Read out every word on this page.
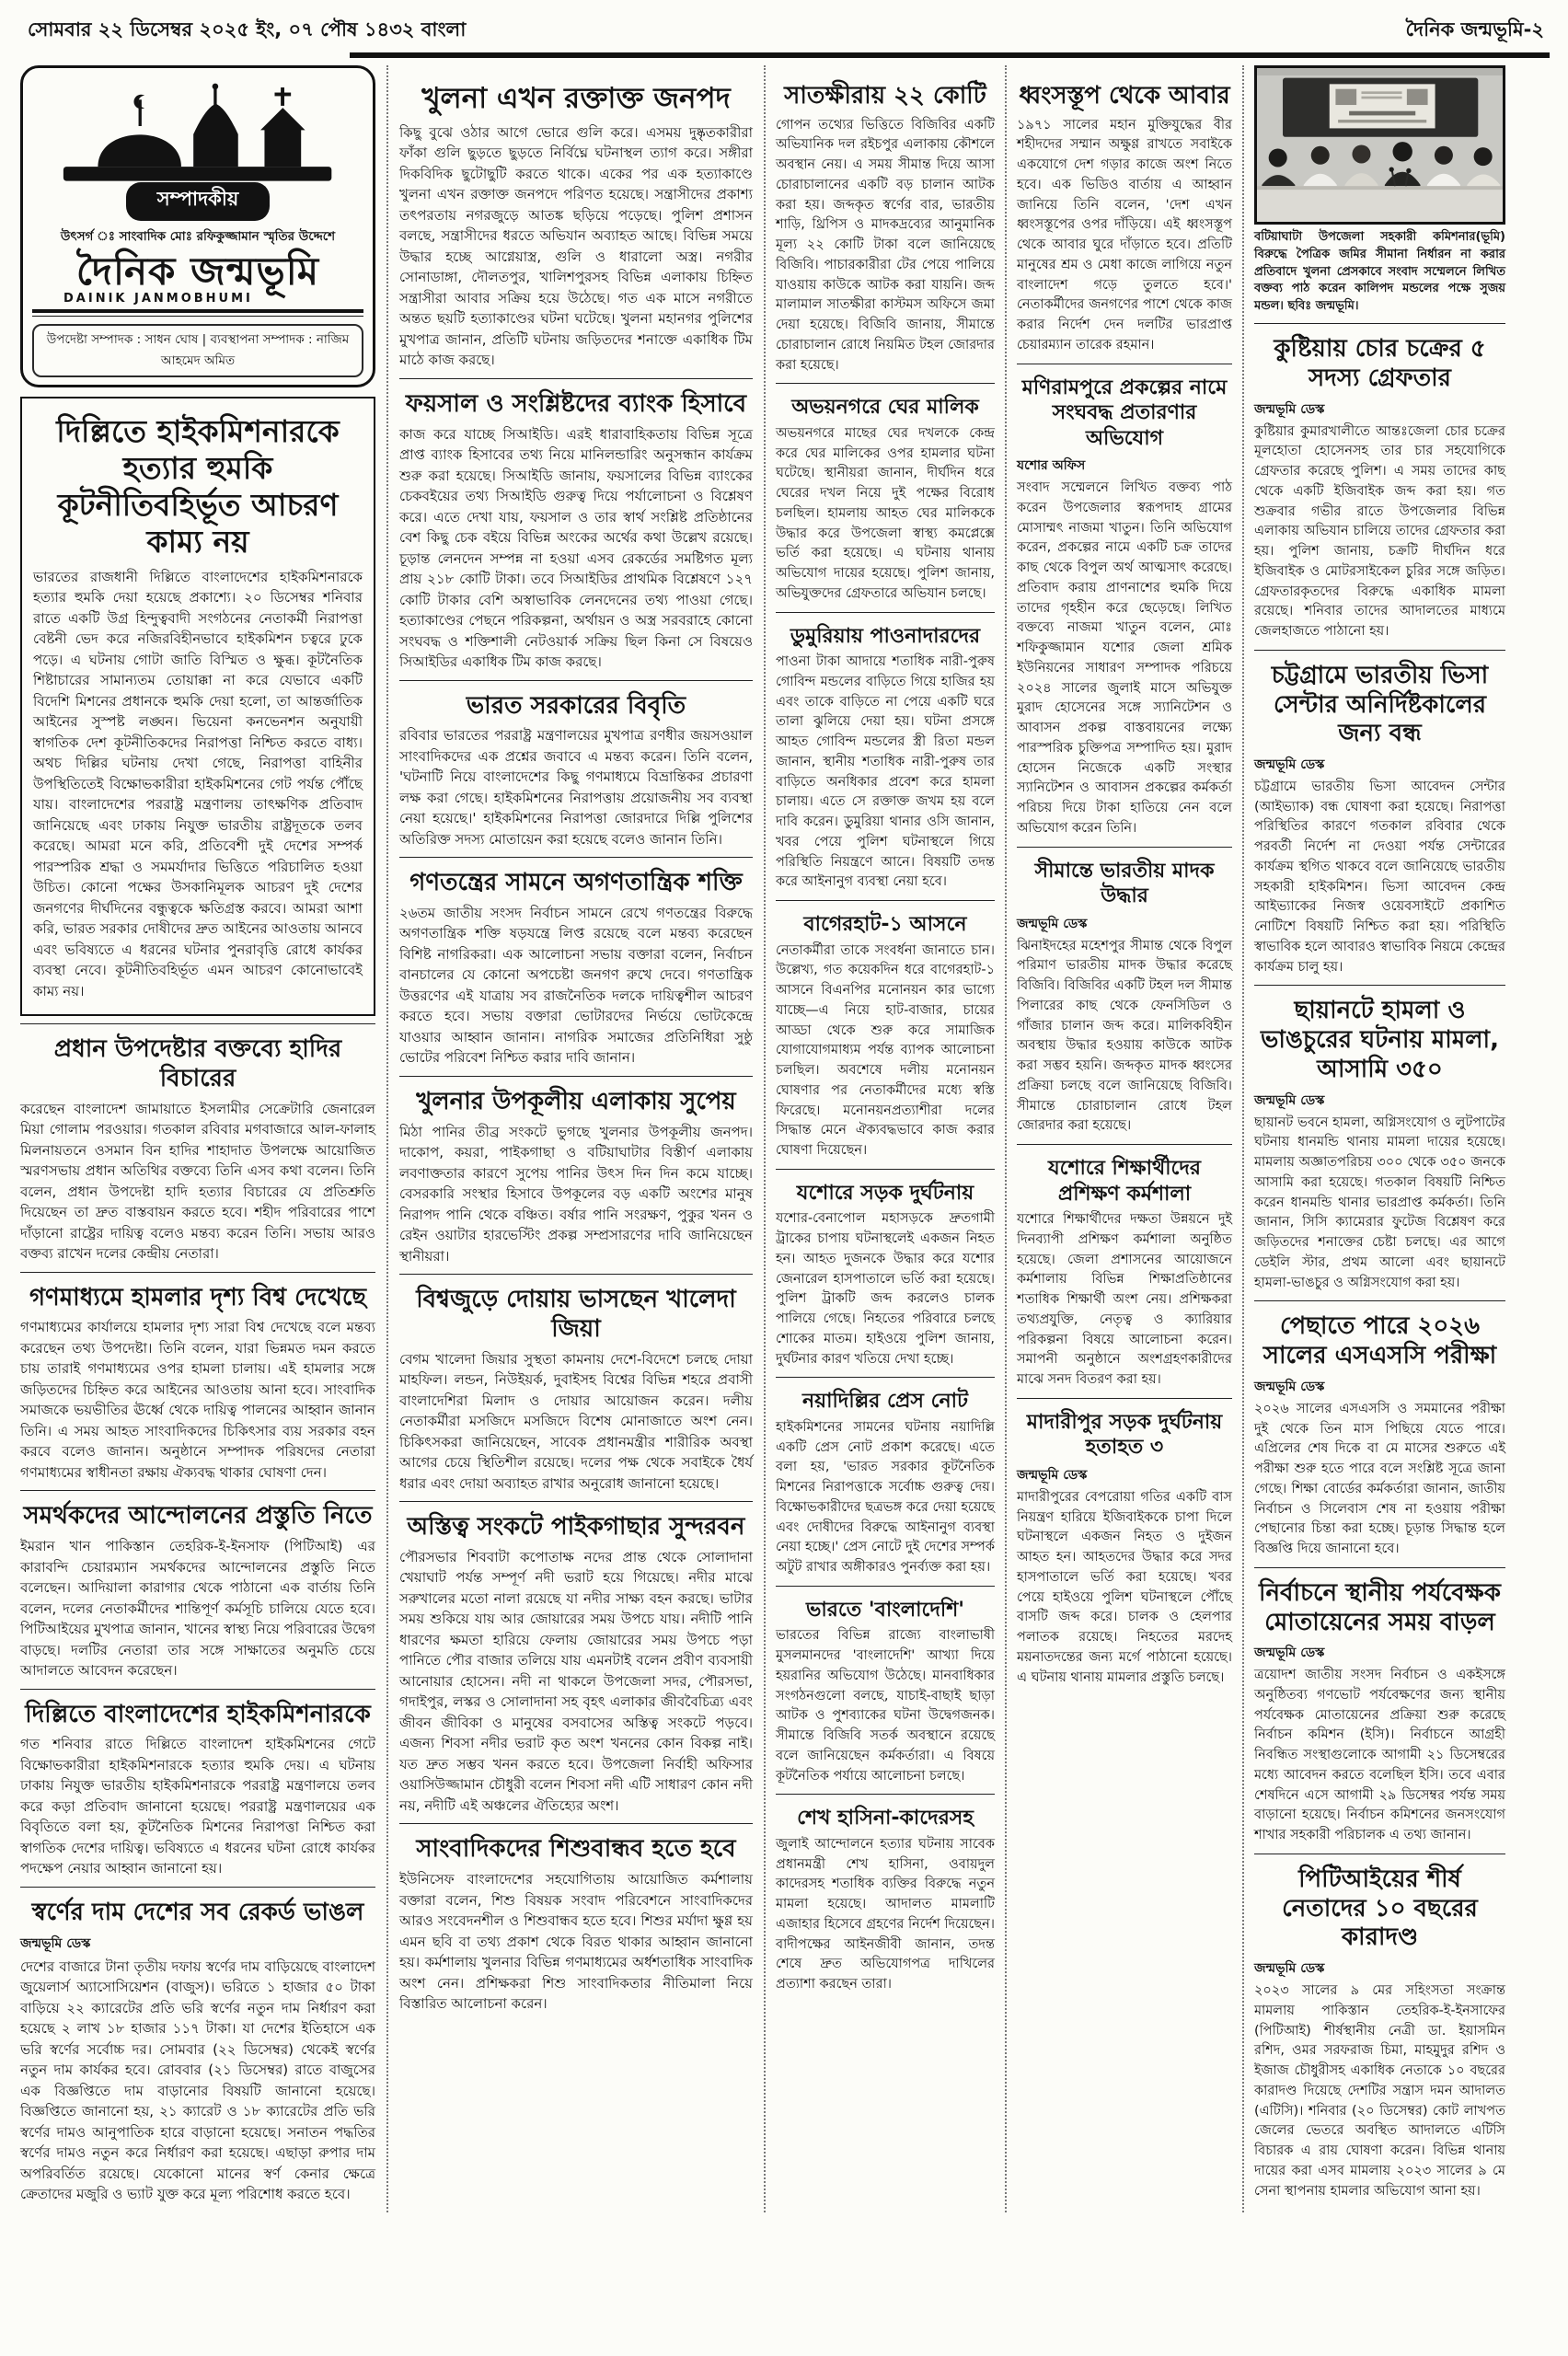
সোমবার ২২ ডিসেম্বর ২০২৫ ইং, ০৭ পৌষ ১৪৩২ বাংলা	দৈনিক জন্মভূমি-২
সম্পাদকীয়
উৎসর্গ ঃ সাংবাদিক মোঃ রফিকুজ্জামান স্মৃতির উদ্দেশে
দৈনিক জন্মভূমি
DAINIK JANMOBHUMI
উপদেষ্টা সম্পাদক : সাধন ঘোষ | ব্যবস্থাপনা সম্পাদক : নাজিম আহমেদ অমিত
দিল্লিতে হাইকমিশনারকে হত্যার হুমকি কূটনীতিবহির্ভূত আচরণ কাম্য নয়

ভারতের রাজধানী দিল্লিতে বাংলাদেশের হাইকমিশনারকে হত্যার হুমকি দেয়া হয়েছে প্রকাশ্যে। ২০ ডিসেম্বর শনিবার রাতে একটি উগ্র হিন্দুত্ববাদী সংগঠনের নেতাকর্মী নিরাপত্তা বেষ্টনী ভেদ করে নজিরবিহীনভাবে হাইকমিশন চত্বরে ঢুকে পড়ে। এ ঘটনায় গোটা জাতি বিস্মিত ও ক্ষুব্ধ। কূটনৈতিক শিষ্টাচারের সামান্যতম তোয়াক্কা না করে যেভাবে একটি বিদেশি মিশনের প্রধানকে হুমকি দেয়া হলো, তা আন্তর্জাতিক আইনের সুস্পষ্ট লঙ্ঘন। ভিয়েনা কনভেনশন অনুযায়ী স্বাগতিক দেশ কূটনীতিকদের নিরাপত্তা নিশ্চিত করতে বাধ্য। অথচ দিল্লির ঘটনায় দেখা গেছে, নিরাপত্তা বাহিনীর উপস্থিতিতেই বিক্ষোভকারীরা হাইকমিশনের গেট পর্যন্ত পৌঁছে যায়। বাংলাদেশের পররাষ্ট্র মন্ত্রণালয় তাৎক্ষণিক প্রতিবাদ জানিয়েছে এবং ঢাকায় নিযুক্ত ভারতীয় রাষ্ট্রদূতকে তলব করেছে। আমরা মনে করি, প্রতিবেশী দুই দেশের সম্পর্ক পারস্পরিক শ্রদ্ধা ও সমমর্যাদার ভিত্তিতে পরিচালিত হওয়া উচিত। কোনো পক্ষের উসকানিমূলক আচরণ দুই দেশের জনগণের দীর্ঘদিনের বন্ধুত্বকে ক্ষতিগ্রস্ত করবে। আমরা আশা করি, ভারত সরকার দোষীদের দ্রুত আইনের আওতায় আনবে এবং ভবিষ্যতে এ ধরনের ঘটনার পুনরাবৃত্তি রোধে কার্যকর ব্যবস্থা নেবে। কূটনীতিবহির্ভূত এমন আচরণ কোনোভাবেই কাম্য নয়।

প্রধান উপদেষ্টার বক্তব্যে হাদির বিচারের

করেছেন বাংলাদেশ জামায়াতে ইসলামীর সেক্রেটারি জেনারেল মিয়া গোলাম পরওয়ার। গতকাল রবিবার মগবাজারে আল-ফালাহ মিলনায়তনে ওসমান বিন হাদির শাহাদাত উপলক্ষে আয়োজিত স্মরণসভায় প্রধান অতিথির বক্তব্যে তিনি এসব কথা বলেন। তিনি বলেন, প্রধান উপদেষ্টা হাদি হত্যার বিচারের যে প্রতিশ্রুতি দিয়েছেন তা দ্রুত বাস্তবায়ন করতে হবে। শহীদ পরিবারের পাশে দাঁড়ানো রাষ্ট্রের দায়িত্ব বলেও মন্তব্য করেন তিনি। সভায় আরও বক্তব্য রাখেন দলের কেন্দ্রীয় নেতারা।

গণমাধ্যমে হামলার দৃশ্য বিশ্ব দেখেছে

গণমাধ্যমের কার্যালয়ে হামলার দৃশ্য সারা বিশ্ব দেখেছে বলে মন্তব্য করেছেন তথ্য উপদেষ্টা। তিনি বলেন, যারা ভিন্নমত দমন করতে চায় তারাই গণমাধ্যমের ওপর হামলা চালায়। এই হামলার সঙ্গে জড়িতদের চিহ্নিত করে আইনের আওতায় আনা হবে। সাংবাদিক সমাজকে ভয়ভীতির ঊর্ধ্বে থেকে দায়িত্ব পালনের আহ্বান জানান তিনি। এ সময় আহত সাংবাদিকদের চিকিৎসার ব্যয় সরকার বহন করবে বলেও জানান। অনুষ্ঠানে সম্পাদক পরিষদের নেতারা গণমাধ্যমের স্বাধীনতা রক্ষায় ঐক্যবদ্ধ থাকার ঘোষণা দেন।

সমর্থকদের আন্দোলনের প্রস্তুতি নিতে

ইমরান খান পাকিস্তান তেহরিক-ই-ইনসাফ (পিটিআই) এর কারাবন্দি চেয়ারম্যান সমর্থকদের আন্দোলনের প্রস্তুতি নিতে বলেছেন। আদিয়ালা কারাগার থেকে পাঠানো এক বার্তায় তিনি বলেন, দলের নেতাকর্মীদের শান্তিপূর্ণ কর্মসূচি চালিয়ে যেতে হবে। পিটিআইয়ের মুখপাত্র জানান, খানের স্বাস্থ্য নিয়ে পরিবারের উদ্বেগ বাড়ছে। দলটির নেতারা তার সঙ্গে সাক্ষাতের অনুমতি চেয়ে আদালতে আবেদন করেছেন।

দিল্লিতে বাংলাদেশের হাইকমিশনারকে

গত শনিবার রাতে দিল্লিতে বাংলাদেশ হাইকমিশনের গেটে বিক্ষোভকারীরা হাইকমিশনারকে হত্যার হুমকি দেয়। এ ঘটনায় ঢাকায় নিযুক্ত ভারতীয় হাইকমিশনারকে পররাষ্ট্র মন্ত্রণালয়ে তলব করে কড়া প্রতিবাদ জানানো হয়েছে। পররাষ্ট্র মন্ত্রণালয়ের এক বিবৃতিতে বলা হয়, কূটনৈতিক মিশনের নিরাপত্তা নিশ্চিত করা স্বাগতিক দেশের দায়িত্ব। ভবিষ্যতে এ ধরনের ঘটনা রোধে কার্যকর পদক্ষেপ নেয়ার আহ্বান জানানো হয়।

স্বর্ণের দাম দেশের সব রেকর্ড ভাঙল
জন্মভূমি ডেস্ক

দেশের বাজারে টানা তৃতীয় দফায় স্বর্ণের দাম বাড়িয়েছে বাংলাদেশ জুয়েলার্স অ্যাসোসিয়েশন (বাজুস)। ভরিতে ১ হাজার ৫০ টাকা বাড়িয়ে ২২ ক্যারেটের প্রতি ভরি স্বর্ণের নতুন দাম নির্ধারণ করা হয়েছে ২ লাখ ১৮ হাজার ১১৭ টাকা। যা দেশের ইতিহাসে এক ভরি স্বর্ণের সর্বোচ্চ দর। সোমবার (২২ ডিসেম্বর) থেকেই স্বর্ণের নতুন দাম কার্যকর হবে। রোববার (২১ ডিসেম্বর) রাতে বাজুসের এক বিজ্ঞপ্তিতে দাম বাড়ানোর বিষয়টি জানানো হয়েছে। বিজ্ঞপ্তিতে জানানো হয়, ২১ ক্যারেট ও ১৮ ক্যারেটের প্রতি ভরি স্বর্ণের দামও আনুপাতিক হারে বাড়ানো হয়েছে। সনাতন পদ্ধতির স্বর্ণের দামও নতুন করে নির্ধারণ করা হয়েছে। এছাড়া রুপার দাম অপরিবর্তিত রয়েছে। যেকোনো মানের স্বর্ণ কেনার ক্ষেত্রে ক্রেতাদের মজুরি ও ভ্যাট যুক্ত করে মূল্য পরিশোধ করতে হবে।

খুলনা এখন রক্তাক্ত জনপদ

কিছু বুঝে ওঠার আগে ভোরে গুলি করে। এসময় দুষ্কৃতকারীরা ফাঁকা গুলি ছুড়তে ছুড়তে নির্বিঘ্নে ঘটনাস্থল ত্যাগ করে। সঙ্গীরা দিকবিদিক ছুটোছুটি করতে থাকে। একের পর এক হত্যাকাণ্ডে খুলনা এখন রক্তাক্ত জনপদে পরিণত হয়েছে। সন্ত্রাসীদের প্রকাশ্য তৎপরতায় নগরজুড়ে আতঙ্ক ছড়িয়ে পড়েছে। পুলিশ প্রশাসন বলছে, সন্ত্রাসীদের ধরতে অভিযান অব্যাহত আছে। বিভিন্ন সময়ে উদ্ধার হচ্ছে আগ্নেয়াস্ত্র, গুলি ও ধারালো অস্ত্র। নগরীর সোনাডাঙ্গা, দৌলতপুর, খালিশপুরসহ বিভিন্ন এলাকায় চিহ্নিত সন্ত্রাসীরা আবার সক্রিয় হয়ে উঠেছে। গত এক মাসে নগরীতে অন্তত ছয়টি হত্যাকাণ্ডের ঘটনা ঘটেছে। খুলনা মহানগর পুলিশের মুখপাত্র জানান, প্রতিটি ঘটনায় জড়িতদের শনাক্তে একাধিক টিম মাঠে কাজ করছে।

ফয়সাল ও সংশ্লিষ্টদের ব্যাংক হিসাবে

কাজ করে যাচ্ছে সিআইডি। এরই ধারাবাহিকতায় বিভিন্ন সূত্রে প্রাপ্ত ব্যাংক হিসাবের তথ্য নিয়ে মানিলন্ডারিং অনুসন্ধান কার্যক্রম শুরু করা হয়েছে। সিআইডি জানায়, ফয়সালের বিভিন্ন ব্যাংকের চেকবইয়ের তথ্য সিআইডি গুরুত্ব দিয়ে পর্যালোচনা ও বিশ্লেষণ করে। এতে দেখা যায়, ফয়সাল ও তার স্বার্থ সংশ্লিষ্ট প্রতিষ্ঠানের বেশ কিছু চেক বইয়ে বিভিন্ন অংকের অর্থের কথা উল্লেখ রয়েছে। চূড়ান্ত লেনদেন সম্পন্ন না হওয়া এসব রেকর্ডের সমষ্টিগত মূল্য প্রায় ২১৮ কোটি টাকা। তবে সিআইডির প্রাথমিক বিশ্লেষণে ১২৭ কোটি টাকার বেশি অস্বাভাবিক লেনদেনের তথ্য পাওয়া গেছে। হত্যাকাণ্ডের পেছনে পরিকল্পনা, অর্থায়ন ও অস্ত্র সরবরাহে কোনো সংঘবদ্ধ ও শক্তিশালী নেটওয়ার্ক সক্রিয় ছিল কিনা সে বিষয়েও সিআইডির একাধিক টিম কাজ করছে।

ভারত সরকারের বিবৃতি

রবিবার ভারতের পররাষ্ট্র মন্ত্রণালয়ের মুখপাত্র রণধীর জয়সওয়াল সাংবাদিকদের এক প্রশ্নের জবাবে এ মন্তব্য করেন। তিনি বলেন, 'ঘটনাটি নিয়ে বাংলাদেশের কিছু গণমাধ্যমে বিভ্রান্তিকর প্রচারণা লক্ষ করা গেছে। হাইকমিশনের নিরাপত্তায় প্রয়োজনীয় সব ব্যবস্থা নেয়া হয়েছে।' হাইকমিশনের নিরাপত্তা জোরদারে দিল্লি পুলিশের অতিরিক্ত সদস্য মোতায়েন করা হয়েছে বলেও জানান তিনি।

গণতন্ত্রের সামনে অগণতান্ত্রিক শক্তি

২৬তম জাতীয় সংসদ নির্বাচন সামনে রেখে গণতন্ত্রের বিরুদ্ধে অগণতান্ত্রিক শক্তি ষড়যন্ত্রে লিপ্ত রয়েছে বলে মন্তব্য করেছেন বিশিষ্ট নাগরিকরা। এক আলোচনা সভায় বক্তারা বলেন, নির্বাচন বানচালের যে কোনো অপচেষ্টা জনগণ রুখে দেবে। গণতান্ত্রিক উত্তরণের এই যাত্রায় সব রাজনৈতিক দলকে দায়িত্বশীল আচরণ করতে হবে। সভায় বক্তারা ভোটারদের নির্ভয়ে ভোটকেন্দ্রে যাওয়ার আহ্বান জানান। নাগরিক সমাজের প্রতিনিধিরা সুষ্ঠু ভোটের পরিবেশ নিশ্চিত করার দাবি জানান।

খুলনার উপকূলীয় এলাকায় সুপেয়

মিঠা পানির তীব্র সংকটে ভুগছে খুলনার উপকূলীয় জনপদ। দাকোপ, কয়রা, পাইকগাছা ও বটিয়াঘাটার বিস্তীর্ণ এলাকায় লবণাক্ততার কারণে সুপেয় পানির উৎস দিন দিন কমে যাচ্ছে। বেসরকারি সংস্থার হিসাবে উপকূলের বড় একটি অংশের মানুষ নিরাপদ পানি থেকে বঞ্চিত। বর্ষার পানি সংরক্ষণ, পুকুর খনন ও রেইন ওয়াটার হারভেস্টিং প্রকল্প সম্প্রসারণের দাবি জানিয়েছেন স্থানীয়রা।

বিশ্বজুড়ে দোয়ায় ভাসছেন খালেদা জিয়া

বেগম খালেদা জিয়ার সুস্থতা কামনায় দেশে-বিদেশে চলছে দোয়া মাহফিল। লন্ডন, নিউইয়র্ক, দুবাইসহ বিশ্বের বিভিন্ন শহরে প্রবাসী বাংলাদেশিরা মিলাদ ও দোয়ার আয়োজন করেন। দলীয় নেতাকর্মীরা মসজিদে মসজিদে বিশেষ মোনাজাতে অংশ নেন। চিকিৎসকরা জানিয়েছেন, সাবেক প্রধানমন্ত্রীর শারীরিক অবস্থা আগের চেয়ে স্থিতিশীল রয়েছে। দলের পক্ষ থেকে সবাইকে ধৈর্য ধরার এবং দোয়া অব্যাহত রাখার অনুরোধ জানানো হয়েছে।

অস্তিত্ব সংকটে পাইকগাছার সুন্দরবন

পৌরসভার শিববাটা কপোতাক্ষ নদের প্রান্ত থেকে সোলাদানা খেয়াঘাট পর্যন্ত সম্পূর্ণ নদী ভরাট হয়ে গিয়েছে। নদীর মাঝে সরুখালের মতো নালা রয়েছে যা নদীর সাক্ষ্য বহন করছে। ভাটার সময় শুকিয়ে যায় আর জোয়ারের সময় উপচে যায়। নদীটি পানি ধারণের ক্ষমতা হারিয়ে ফেলায় জোয়ারের সময় উপচে পড়া পানিতে পৌর বাজার তলিয়ে যায় এমনটাই বলেন প্রবীণ ব্যবসায়ী আনোয়ার হোসেন। নদী না থাকলে উপজেলা সদর, পৌরসভা, গদাইপুর, লস্কর ও সোলাদানা সহ বৃহৎ এলাকার জীববৈচিত্র্য এবং জীবন জীবিকা ও মানুষের বসবাসের অস্তিত্ব সংকটে পড়বে। এজন্য শিবসা নদীর ভরাট কৃত অংশ খননের কোন বিকল্প নাই। যত দ্রুত সম্ভব খনন করতে হবে। উপজেলা নির্বাহী অফিসার ওয়াসিউজ্জামান চৌধুরী বলেন শিবসা নদী এটি সাধারণ কোন নদী নয়, নদীটি এই অঞ্চলের ঐতিহ্যের অংশ।

সাংবাদিকদের শিশুবান্ধব হতে হবে

ইউনিসেফ বাংলাদেশের সহযোগিতায় আয়োজিত কর্মশালায় বক্তারা বলেন, শিশু বিষয়ক সংবাদ পরিবেশনে সাংবাদিকদের আরও সংবেদনশীল ও শিশুবান্ধব হতে হবে। শিশুর মর্যাদা ক্ষুণ্ণ হয় এমন ছবি বা তথ্য প্রকাশ থেকে বিরত থাকার আহ্বান জানানো হয়। কর্মশালায় খুলনার বিভিন্ন গণমাধ্যমের অর্ধশতাধিক সাংবাদিক অংশ নেন। প্রশিক্ষকরা শিশু সাংবাদিকতার নীতিমালা নিয়ে বিস্তারিত আলোচনা করেন।

সাতক্ষীরায় ২২ কোটি

গোপন তথ্যের ভিত্তিতে বিজিবির একটি অভিযানিক দল রইচপুর এলাকায় কৌশলে অবস্থান নেয়। এ সময় সীমান্ত দিয়ে আসা চোরাচালানের একটি বড় চালান আটক করা হয়। জব্দকৃত স্বর্ণের বার, ভারতীয় শাড়ি, থ্রিপিস ও মাদকদ্রব্যের আনুমানিক মূল্য ২২ কোটি টাকা বলে জানিয়েছে বিজিবি। পাচারকারীরা টের পেয়ে পালিয়ে যাওয়ায় কাউকে আটক করা যায়নি। জব্দ মালামাল সাতক্ষীরা কাস্টমস অফিসে জমা দেয়া হয়েছে। বিজিবি জানায়, সীমান্তে চোরাচালান রোধে নিয়মিত টহল জোরদার করা হয়েছে।

অভয়নগরে ঘের মালিক

অভয়নগরে মাছের ঘের দখলকে কেন্দ্র করে ঘের মালিকের ওপর হামলার ঘটনা ঘটেছে। স্থানীয়রা জানান, দীর্ঘদিন ধরে ঘেরের দখল নিয়ে দুই পক্ষের বিরোধ চলছিল। হামলায় আহত ঘের মালিককে উদ্ধার করে উপজেলা স্বাস্থ্য কমপ্লেক্সে ভর্তি করা হয়েছে। এ ঘটনায় থানায় অভিযোগ দায়ের হয়েছে। পুলিশ জানায়, অভিযুক্তদের গ্রেফতারে অভিযান চলছে।

ডুমুরিয়ায় পাওনাদারদের

পাওনা টাকা আদায়ে শতাধিক নারী-পুরুষ গোবিন্দ মন্ডলের বাড়িতে গিয়ে হাজির হয় এবং তাকে বাড়িতে না পেয়ে একটি ঘরে তালা ঝুলিয়ে দেয়া হয়। ঘটনা প্রসঙ্গে আহত গোবিন্দ মন্ডলের স্ত্রী রিতা মন্ডল জানান, স্থানীয় শতাধিক নারী-পুরুষ তার বাড়িতে অনধিকার প্রবেশ করে হামলা চালায়। এতে সে রক্তাক্ত জখম হয় বলে দাবি করেন। ডুমুরিয়া থানার ওসি জানান, খবর পেয়ে পুলিশ ঘটনাস্থলে গিয়ে পরিস্থিতি নিয়ন্ত্রণে আনে। বিষয়টি তদন্ত করে আইনানুগ ব্যবস্থা নেয়া হবে।

বাগেরহাট-১ আসনে

নেতাকর্মীরা তাকে সংবর্ধনা জানাতে চান। উল্লেখ্য, গত কয়েকদিন ধরে বাগেরহাট-১ আসনে বিএনপির মনোনয়ন কার ভাগ্যে যাচ্ছে—এ নিয়ে হাট-বাজার, চায়ের আড্ডা থেকে শুরু করে সামাজিক যোগাযোগমাধ্যম পর্যন্ত ব্যাপক আলোচনা চলছিল। অবশেষে দলীয় মনোনয়ন ঘোষণার পর নেতাকর্মীদের মধ্যে স্বস্তি ফিরেছে। মনোনয়নপ্রত্যাশীরা দলের সিদ্ধান্ত মেনে ঐক্যবদ্ধভাবে কাজ করার ঘোষণা দিয়েছেন।

যশোরে সড়ক দুর্ঘটনায়

যশোর-বেনাপোল মহাসড়কে দ্রুতগামী ট্রাকের চাপায় ঘটনাস্থলেই একজন নিহত হন। আহত দুজনকে উদ্ধার করে যশোর জেনারেল হাসপাতালে ভর্তি করা হয়েছে। পুলিশ ট্রাকটি জব্দ করলেও চালক পালিয়ে গেছে। নিহতের পরিবারে চলছে শোকের মাতম। হাইওয়ে পুলিশ জানায়, দুর্ঘটনার কারণ খতিয়ে দেখা হচ্ছে।

নয়াদিল্লির প্রেস নোট

হাইকমিশনের সামনের ঘটনায় নয়াদিল্লি একটি প্রেস নোট প্রকাশ করেছে। এতে বলা হয়, 'ভারত সরকার কূটনৈতিক মিশনের নিরাপত্তাকে সর্বোচ্চ গুরুত্ব দেয়। বিক্ষোভকারীদের ছত্রভঙ্গ করে দেয়া হয়েছে এবং দোষীদের বিরুদ্ধে আইনানুগ ব্যবস্থা নেয়া হচ্ছে।' প্রেস নোটে দুই দেশের সম্পর্ক অটুট রাখার অঙ্গীকারও পুনর্ব্যক্ত করা হয়।

ভারতে 'বাংলাদেশি'

ভারতের বিভিন্ন রাজ্যে বাংলাভাষী মুসলমানদের 'বাংলাদেশি' আখ্যা দিয়ে হয়রানির অভিযোগ উঠেছে। মানবাধিকার সংগঠনগুলো বলছে, যাচাই-বাছাই ছাড়া আটক ও পুশব্যাকের ঘটনা উদ্বেগজনক। সীমান্তে বিজিবি সতর্ক অবস্থানে রয়েছে বলে জানিয়েছেন কর্মকর্তারা। এ বিষয়ে কূটনৈতিক পর্যায়ে আলোচনা চলছে।

শেখ হাসিনা-কাদেরসহ

জুলাই আন্দোলনে হত্যার ঘটনায় সাবেক প্রধানমন্ত্রী শেখ হাসিনা, ওবায়দুল কাদেরসহ শতাধিক ব্যক্তির বিরুদ্ধে নতুন মামলা হয়েছে। আদালত মামলাটি এজাহার হিসেবে গ্রহণের নির্দেশ দিয়েছেন। বাদীপক্ষের আইনজীবী জানান, তদন্ত শেষে দ্রুত অভিযোগপত্র দাখিলের প্রত্যাশা করছেন তারা।

ধ্বংসস্তূপ থেকে আবার

১৯৭১ সালের মহান মুক্তিযুদ্ধের বীর শহীদদের সম্মান অক্ষুণ্ণ রাখতে সবাইকে একযোগে দেশ গড়ার কাজে অংশ নিতে হবে। এক ভিডিও বার্তায় এ আহ্বান জানিয়ে তিনি বলেন, 'দেশ এখন ধ্বংসস্তূপের ওপর দাঁড়িয়ে। এই ধ্বংসস্তূপ থেকে আবার ঘুরে দাঁড়াতে হবে। প্রতিটি মানুষের শ্রম ও মেধা কাজে লাগিয়ে নতুন বাংলাদেশ গড়ে তুলতে হবে।' নেতাকর্মীদের জনগণের পাশে থেকে কাজ করার নির্দেশ দেন দলটির ভারপ্রাপ্ত চেয়ারম্যান তারেক রহমান।

মণিরামপুরে প্রকল্পের নামে সংঘবদ্ধ প্রতারণার অভিযোগ
যশোর অফিস

সংবাদ সম্মেলনে লিখিত বক্তব্য পাঠ করেন উপজেলার স্বরূপদাহ গ্রামের মোসাম্মৎ নাজমা খাতুন। তিনি অভিযোগ করেন, প্রকল্পের নামে একটি চক্র তাদের কাছ থেকে বিপুল অর্থ আত্মসাৎ করেছে। প্রতিবাদ করায় প্রাণনাশের হুমকি দিয়ে তাদের গৃহহীন করে ছেড়েছে। লিখিত বক্তব্যে নাজমা খাতুন বলেন, মোঃ শফিকুজ্জামান যশোর জেলা শ্রমিক ইউনিয়নের সাধারণ সম্পাদক পরিচয়ে ২০২৪ সালের জুলাই মাসে অভিযুক্ত মুরাদ হোসেনের সঙ্গে স্যানিটেশন ও আবাসন প্রকল্প বাস্তবায়নের লক্ষ্যে পারস্পরিক চুক্তিপত্র সম্পাদিত হয়। মুরাদ হোসেন নিজেকে একটি সংস্থার স্যানিটেশন ও আবাসন প্রকল্পের কর্মকর্তা পরিচয় দিয়ে টাকা হাতিয়ে নেন বলে অভিযোগ করেন তিনি।

সীমান্তে ভারতীয় মাদক উদ্ধার
জন্মভূমি ডেস্ক

ঝিনাইদহের মহেশপুর সীমান্ত থেকে বিপুল পরিমাণ ভারতীয় মাদক উদ্ধার করেছে বিজিবি। বিজিবির একটি টহল দল সীমান্ত পিলারের কাছ থেকে ফেনসিডিল ও গাঁজার চালান জব্দ করে। মালিকবিহীন অবস্থায় উদ্ধার হওয়ায় কাউকে আটক করা সম্ভব হয়নি। জব্দকৃত মাদক ধ্বংসের প্রক্রিয়া চলছে বলে জানিয়েছে বিজিবি। সীমান্তে চোরাচালান রোধে টহল জোরদার করা হয়েছে।

যশোরে শিক্ষার্থীদের প্রশিক্ষণ কর্মশালা

যশোরে শিক্ষার্থীদের দক্ষতা উন্নয়নে দুই দিনব্যাপী প্রশিক্ষণ কর্মশালা অনুষ্ঠিত হয়েছে। জেলা প্রশাসনের আয়োজনে কর্মশালায় বিভিন্ন শিক্ষাপ্রতিষ্ঠানের শতাধিক শিক্ষার্থী অংশ নেয়। প্রশিক্ষকরা তথ্যপ্রযুক্তি, নেতৃত্ব ও ক্যারিয়ার পরিকল্পনা বিষয়ে আলোচনা করেন। সমাপনী অনুষ্ঠানে অংশগ্রহণকারীদের মাঝে সনদ বিতরণ করা হয়।

মাদারীপুর সড়ক দুর্ঘটনায় হতাহত ৩
জন্মভূমি ডেস্ক

মাদারীপুরের বেপরোয়া গতির একটি বাস নিয়ন্ত্রণ হারিয়ে ইজিবাইককে চাপা দিলে ঘটনাস্থলে একজন নিহত ও দুইজন আহত হন। আহতদের উদ্ধার করে সদর হাসপাতালে ভর্তি করা হয়েছে। খবর পেয়ে হাইওয়ে পুলিশ ঘটনাস্থলে পৌঁছে বাসটি জব্দ করে। চালক ও হেলপার পলাতক রয়েছে। নিহতের মরদেহ ময়নাতদন্তের জন্য মর্গে পাঠানো হয়েছে। এ ঘটনায় থানায় মামলার প্রস্তুতি চলছে।

বটিয়াঘাটা উপজেলা সহকারী কমিশনার(ভূমি) বিরুদ্ধে পৈত্রিক জমির সীমানা নির্ধারন না করার প্রতিবাদে খুলনা প্রেসকাবে সংবাদ সম্মেলনে লিখিত বক্তব্য পাঠ করেন কালিপদ মন্ডলের পক্ষে সুজয় মন্ডল। ছবিঃ জন্মভূমি।

কুষ্টিয়ায় চোর চক্রের ৫ সদস্য গ্রেফতার
জন্মভূমি ডেস্ক

কুষ্টিয়ার কুমারখালীতে আন্তঃজেলা চোর চক্রের মূলহোতা হোসেনসহ তার চার সহযোগিকে গ্রেফতার করেছে পুলিশ। এ সময় তাদের কাছ থেকে একটি ইজিবাইক জব্দ করা হয়। গত শুক্রবার গভীর রাতে উপজেলার বিভিন্ন এলাকায় অভিযান চালিয়ে তাদের গ্রেফতার করা হয়। পুলিশ জানায়, চক্রটি দীর্ঘদিন ধরে ইজিবাইক ও মোটরসাইকেল চুরির সঙ্গে জড়িত। গ্রেফতারকৃতদের বিরুদ্ধে একাধিক মামলা রয়েছে। শনিবার তাদের আদালতের মাধ্যমে জেলহাজতে পাঠানো হয়।

চট্টগ্রামে ভারতীয় ভিসা সেন্টার অনির্দিষ্টকালের জন্য বন্ধ
জন্মভূমি ডেস্ক

চট্টগ্রামে ভারতীয় ভিসা আবেদন সেন্টার (আইভ্যাক) বন্ধ ঘোষণা করা হয়েছে। নিরাপত্তা পরিস্থিতির কারণে গতকাল রবিবার থেকে পরবর্তী নির্দেশ না দেওয়া পর্যন্ত সেন্টারের কার্যক্রম স্থগিত থাকবে বলে জানিয়েছে ভারতীয় সহকারী হাইকমিশন। ভিসা আবেদন কেন্দ্র আইভ্যাকের নিজস্ব ওয়েবসাইটে প্রকাশিত নোটিশে বিষয়টি নিশ্চিত করা হয়। পরিস্থিতি স্বাভাবিক হলে আবারও স্বাভাবিক নিয়মে কেন্দ্রের কার্যক্রম চালু হয়।

ছায়ানটে হামলা ও ভাঙচুরের ঘটনায় মামলা, আসামি ৩৫০
জন্মভূমি ডেস্ক

ছায়ানট ভবনে হামলা, অগ্নিসংযোগ ও লুটপাটের ঘটনায় ধানমন্ডি থানায় মামলা দায়ের হয়েছে। মামলায় অজ্ঞাতপরিচয় ৩০০ থেকে ৩৫০ জনকে আসামি করা হয়েছে। গতকাল বিষয়টি নিশ্চিত করেন ধানমন্ডি থানার ভারপ্রাপ্ত কর্মকর্তা। তিনি জানান, সিসি ক্যামেরার ফুটেজ বিশ্লেষণ করে জড়িতদের শনাক্তের চেষ্টা চলছে। এর আগে ডেইলি স্টার, প্রথম আলো এবং ছায়ানটে হামলা-ভাঙচুর ও অগ্নিসংযোগ করা হয়।

পেছাতে পারে ২০২৬ সালের এসএসসি পরীক্ষা
জন্মভূমি ডেস্ক

২০২৬ সালের এসএসসি ও সমমানের পরীক্ষা দুই থেকে তিন মাস পিছিয়ে যেতে পারে। এপ্রিলের শেষ দিকে বা মে মাসের শুরুতে এই পরীক্ষা শুরু হতে পারে বলে সংশ্লিষ্ট সূত্রে জানা গেছে। শিক্ষা বোর্ডের কর্মকর্তারা জানান, জাতীয় নির্বাচন ও সিলেবাস শেষ না হওয়ায় পরীক্ষা পেছানোর চিন্তা করা হচ্ছে। চূড়ান্ত সিদ্ধান্ত হলে বিজ্ঞপ্তি দিয়ে জানানো হবে।

নির্বাচনে স্থানীয় পর্যবেক্ষক মোতায়েনের সময় বাড়ল
জন্মভূমি ডেস্ক

ত্রয়োদশ জাতীয় সংসদ নির্বাচন ও একইসঙ্গে অনুষ্ঠিতব্য গণভোট পর্যবেক্ষণের জন্য স্থানীয় পর্যবেক্ষক মোতায়েনের প্রক্রিয়া শুরু করেছে নির্বাচন কমিশন (ইসি)। নির্বাচনে আগ্রহী নিবন্ধিত সংস্থাগুলোকে আগামী ২১ ডিসেম্বরের মধ্যে আবেদন করতে বলেছিল ইসি। তবে এবার শেষদিনে এসে আগামী ২৯ ডিসেম্বর পর্যন্ত সময় বাড়ানো হয়েছে। নির্বাচন কমিশনের জনসংযোগ শাখার সহকারী পরিচালক এ তথ্য জানান।

পিটিআইয়ের শীর্ষ নেতাদের ১০ বছরের কারাদণ্ড
জন্মভূমি ডেস্ক

২০২৩ সালের ৯ মের সহিংসতা সংক্রান্ত মামলায় পাকিস্তান তেহরিক-ই-ইনসাফের (পিটিআই) শীর্ষস্থানীয় নেত্রী ডা. ইয়াসমিন রশিদ, ওমর সরফরাজ চিমা, মাহমুদুর রশিদ ও ইজাজ চৌধুরীসহ একাধিক নেতাকে ১০ বছরের কারাদণ্ড দিয়েছে দেশটির সন্ত্রাস দমন আদালত (এটিসি)। শনিবার (২০ ডিসেম্বর) কোট লাখপত জেলের ভেতরে অবস্থিত আদালতে এটিসি বিচারক এ রায় ঘোষণা করেন। বিভিন্ন থানায় দায়ের করা এসব মামলায় ২০২৩ সালের ৯ মে সেনা স্থাপনায় হামলার অভিযোগ আনা হয়।
